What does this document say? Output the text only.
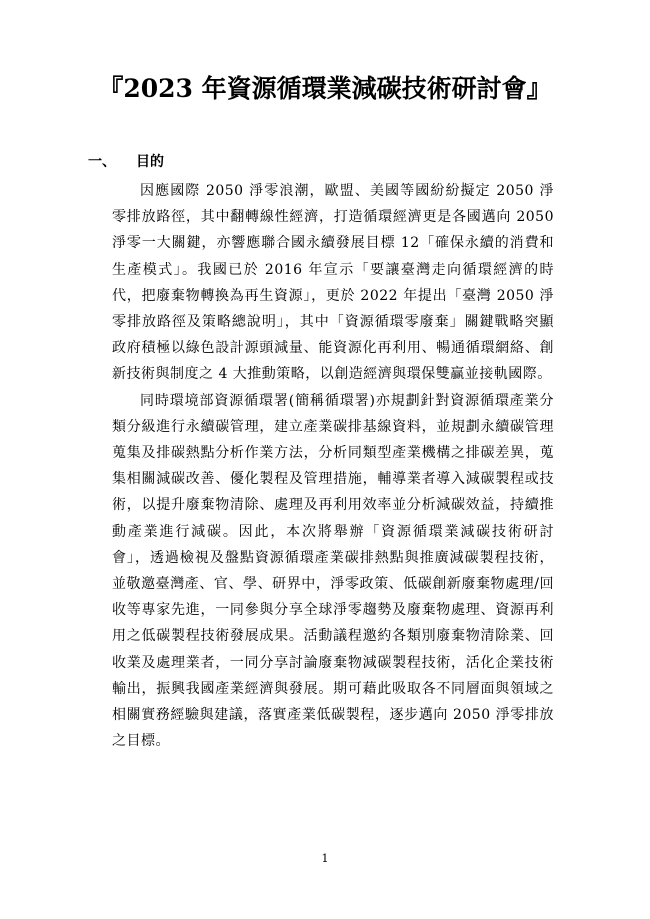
『2023 年資源循環業減碳技術研討會』
一、 目的

因應國際 2050 淨零浪潮，歐盟、美國等國紛紛擬定 2050 淨零排放路徑，其中翻轉線性經濟，打造循環經濟更是各國邁向 2050 淨零一大關鍵，亦響應聯合國永續發展目標 12「確保永續的消費和生產模式」。我國已於 2016 年宣示「要讓臺灣走向循環經濟的時代，把廢棄物轉換為再生資源」，更於 2022 年提出「臺灣 2050 淨零排放路徑及策略總說明」，其中「資源循環零廢棄」關鍵戰略突顯政府積極以綠色設計源頭減量、能資源化再利用、暢通循環網絡、創新技術與制度之 4 大推動策略，以創造經濟與環保雙贏並接軌國際。

同時環境部資源循環署(簡稱循環署)亦規劃針對資源循環產業分類分級進行永續碳管理，建立產業碳排基線資料，並規劃永續碳管理蒐集及排碳熱點分析作業方法，分析同類型產業機構之排碳差異，蒐集相關減碳改善、優化製程及管理措施，輔導業者導入減碳製程或技術，以提升廢棄物清除、處理及再利用效率並分析減碳效益，持續推動產業進行減碳。因此，本次將舉辦「資源循環業減碳技術研討會」，透過檢視及盤點資源循環產業碳排熱點與推廣減碳製程技術，並敬邀臺灣產、官、學、研界中，淨零政策、低碳創新廢棄物處理/回收等專家先進，一同參與分享全球淨零趨勢及廢棄物處理、資源再利用之低碳製程技術發展成果。活動議程邀約各類別廢棄物清除業、回收業及處理業者，一同分享討論廢棄物減碳製程技術，活化企業技術輸出，振興我國產業經濟與發展。期可藉此吸取各不同層面與領域之相關實務經驗與建議，落實產業低碳製程，逐步邁向 2050 淨零排放之目標。

1
